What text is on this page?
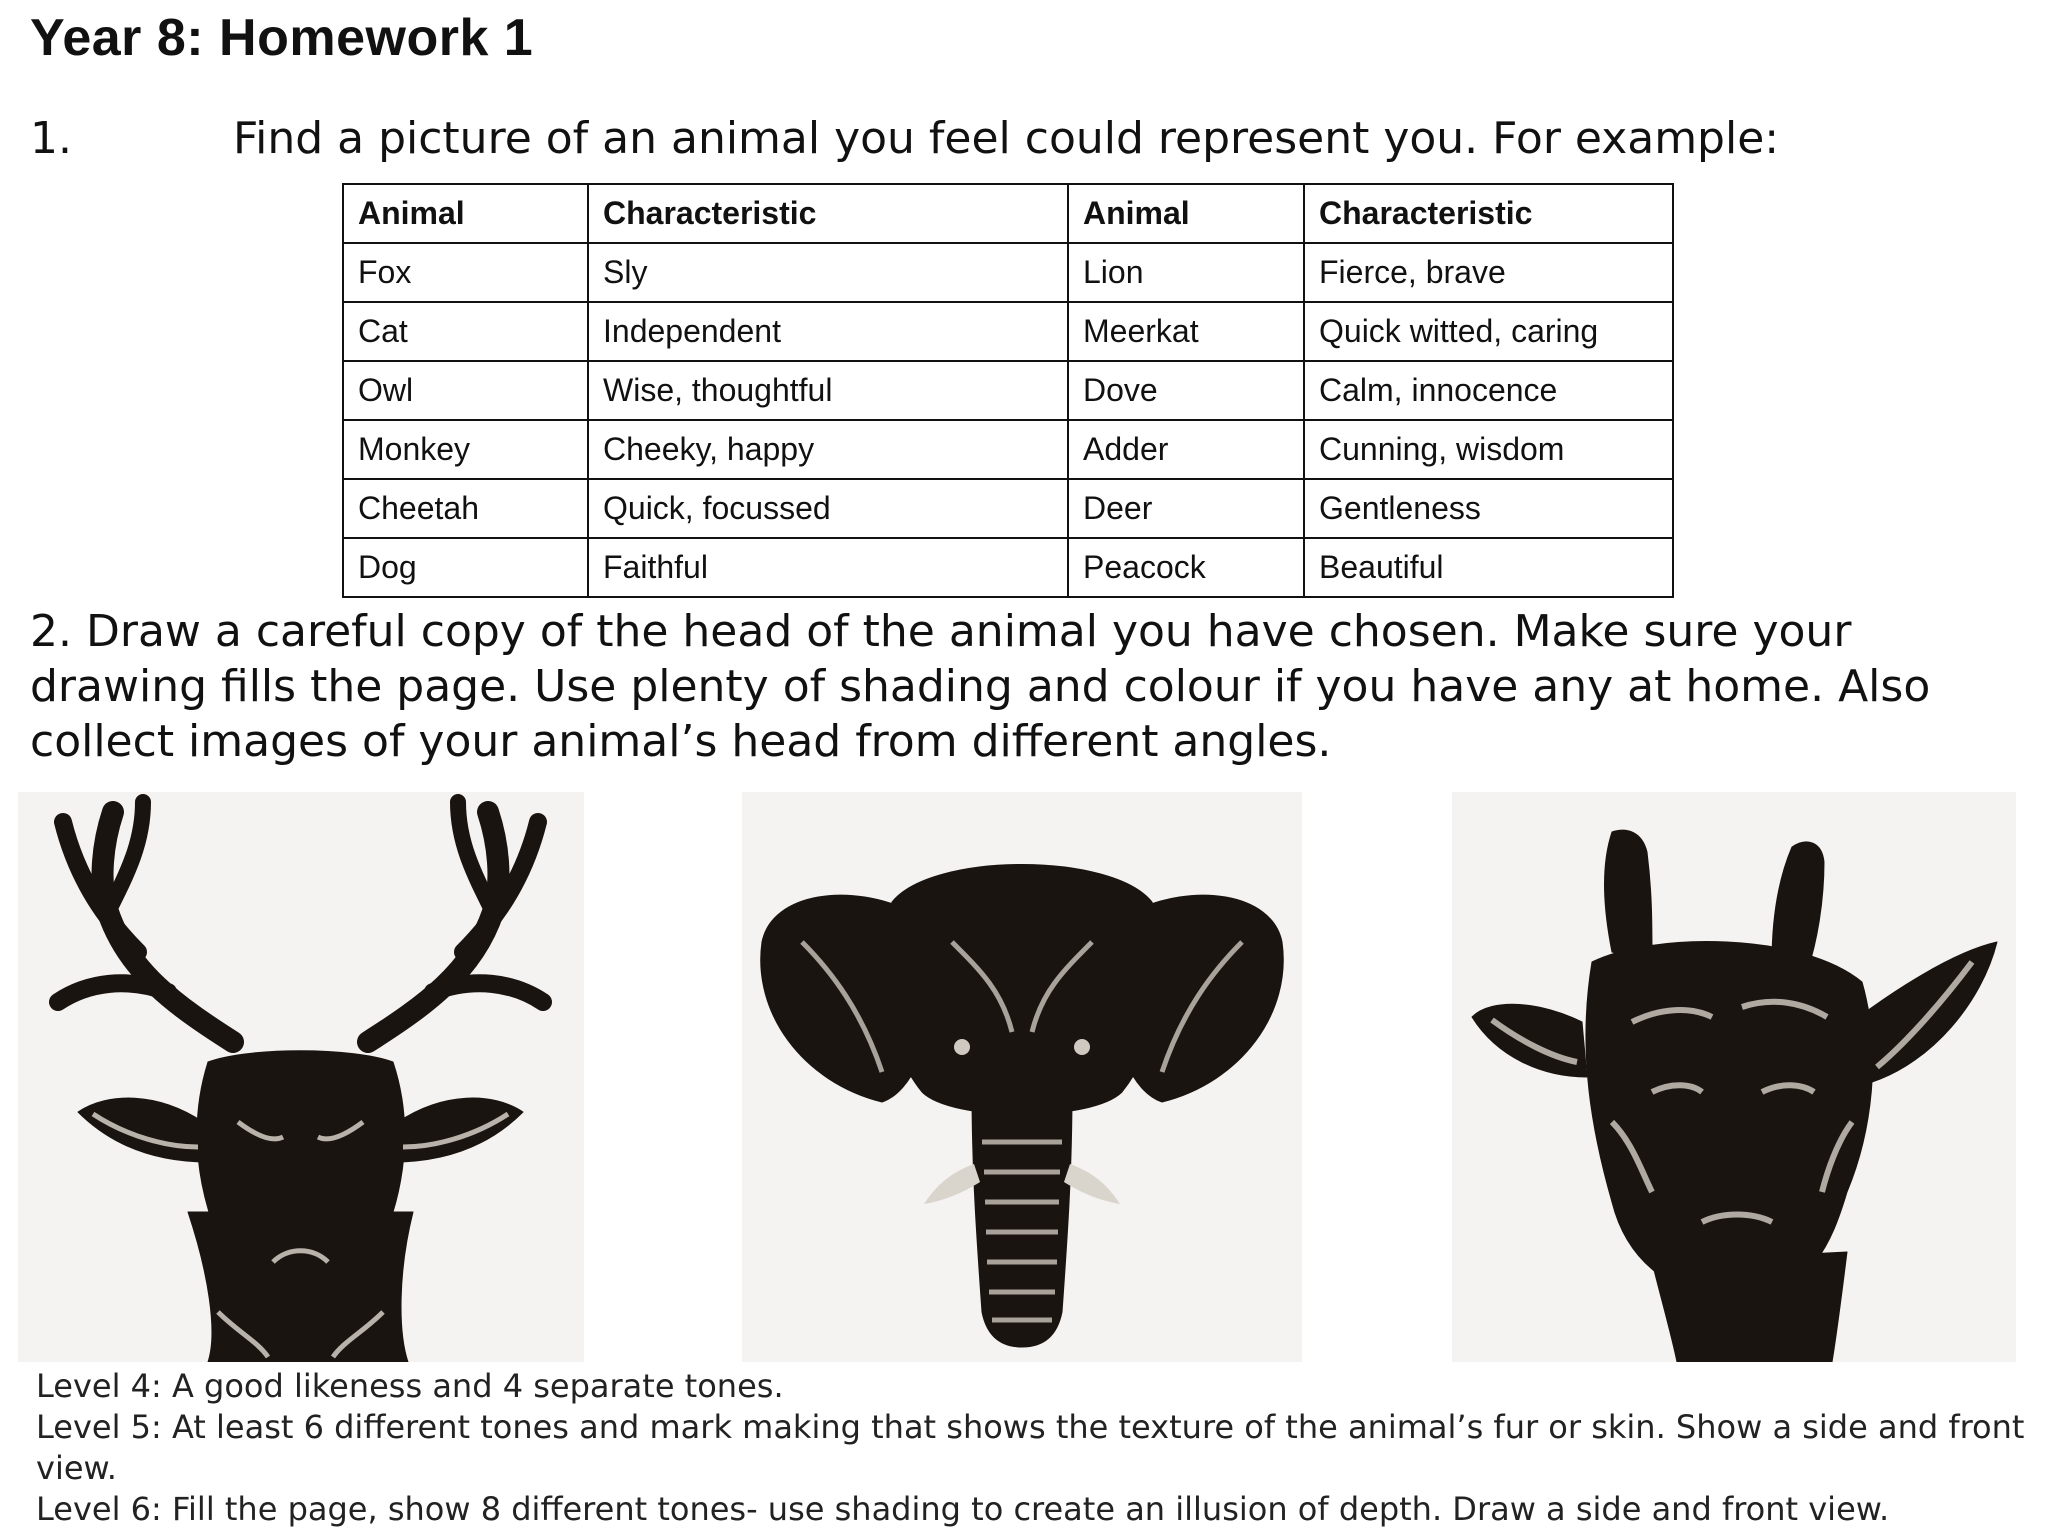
Year 8: Homework 1
1.	Find a picture of an animal you feel could represent you. For example:
Animal	Characteristic	Animal	Characteristic
Fox	Sly	Lion	Fierce, brave
Cat	Independent	Meerkat	Quick witted, caring
Owl	Wise, thoughtful	Dove	Calm, innocence
Monkey	Cheeky, happy	Adder	Cunning, wisdom
Cheetah	Quick, focussed	Deer	Gentleness
Dog	Faithful	Peacock	Beautiful
2. Draw a careful copy of the head of the animal you have chosen. Make sure your drawing fills the page. Use plenty of shading and colour if you have any at home. Also collect images of your animal’s head from different angles.

Level 4: A good likeness and 4 separate tones.

Level 5: At least 6 different tones and mark making that shows the texture of the animal’s fur or skin. Show a side and front view.

Level 6: Fill the page, show 8 different tones- use shading to create an illusion of depth. Draw a side and front view.
